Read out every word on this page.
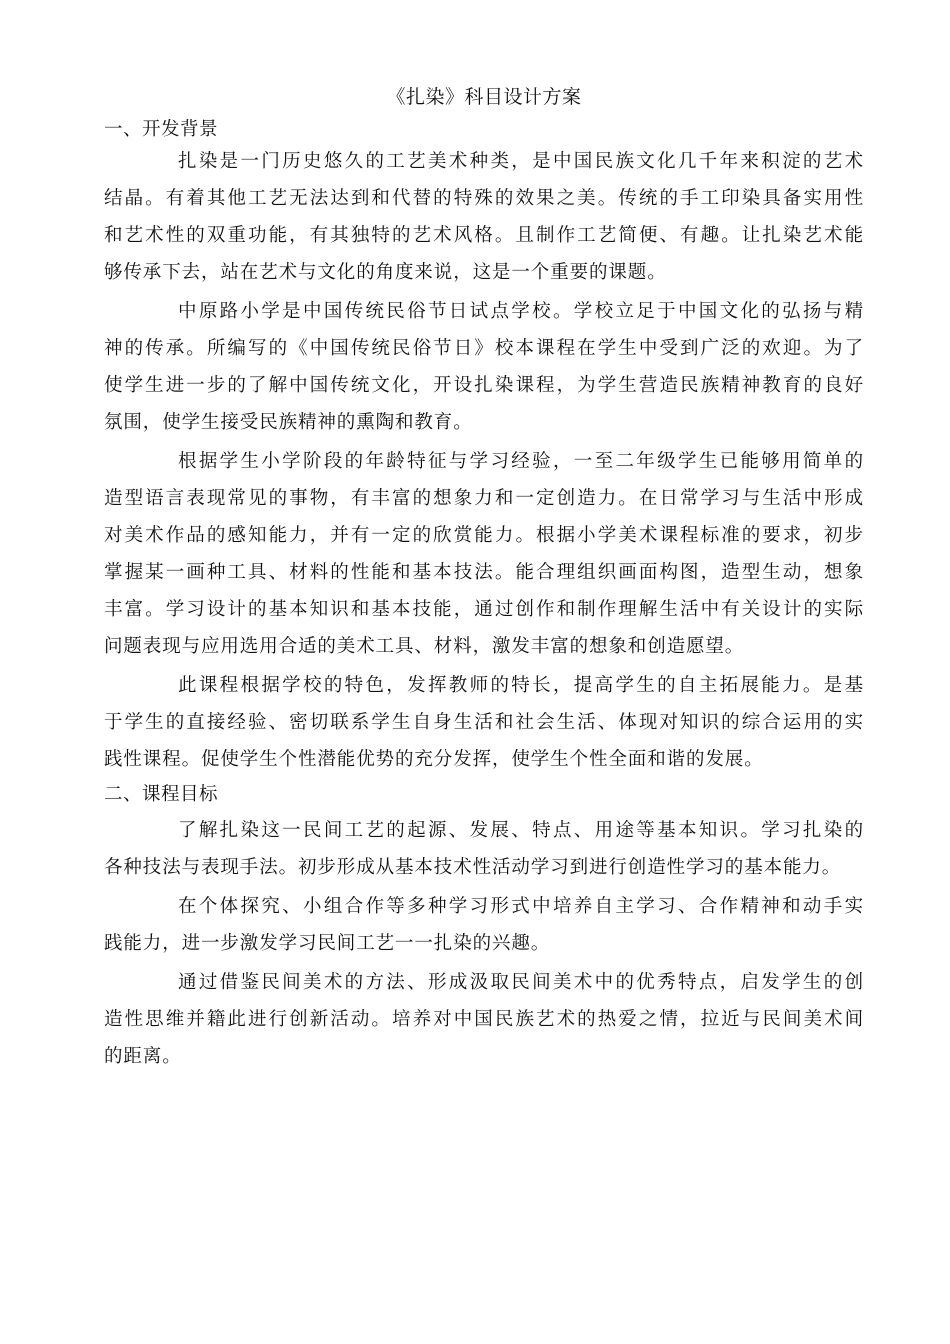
《扎染》科目设计方案
一、开发背景
扎染是一门历史悠久的工艺美术种类，是中国民族文化几千年来积淀的艺术
结晶。有着其他工艺无法达到和代替的特殊的效果之美。传统的手工印染具备实用性
和艺术性的双重功能，有其独特的艺术风格。且制作工艺简便、有趣。让扎染艺术能
够传承下去，站在艺术与文化的角度来说，这是一个重要的课题。
中原路小学是中国传统民俗节日试点学校。学校立足于中国文化的弘扬与精
神的传承。所编写的《中国传统民俗节日》校本课程在学生中受到广泛的欢迎。为了
使学生进一步的了解中国传统文化，开设扎染课程，为学生营造民族精神教育的良好
氛围，使学生接受民族精神的熏陶和教育。
根据学生小学阶段的年龄特征与学习经验，一至二年级学生已能够用简单的
造型语言表现常见的事物，有丰富的想象力和一定创造力。在日常学习与生活中形成
对美术作品的感知能力，并有一定的欣赏能力。根据小学美术课程标准的要求，初步
掌握某一画种工具、材料的性能和基本技法。能合理组织画面构图，造型生动，想象
丰富。学习设计的基本知识和基本技能，通过创作和制作理解生活中有关设计的实际
问题表现与应用选用合适的美术工具、材料，激发丰富的想象和创造愿望。
此课程根据学校的特色，发挥教师的特长，提高学生的自主拓展能力。是基
于学生的直接经验、密切联系学生自身生活和社会生活、体现对知识的综合运用的实
践性课程。促使学生个性潜能优势的充分发挥，使学生个性全面和谐的发展。
二、课程目标
了解扎染这一民间工艺的起源、发展、特点、用途等基本知识。学习扎染的
各种技法与表现手法。初步形成从基本技术性活动学习到进行创造性学习的基本能力。
在个体探究、小组合作等多种学习形式中培养自主学习、合作精神和动手实
践能力，进一步激发学习民间工艺一一扎染的兴趣。
通过借鉴民间美术的方法、形成汲取民间美术中的优秀特点，启发学生的创
造性思维并籍此进行创新活动。培养对中国民族艺术的热爱之情，拉近与民间美术间
的距离。
